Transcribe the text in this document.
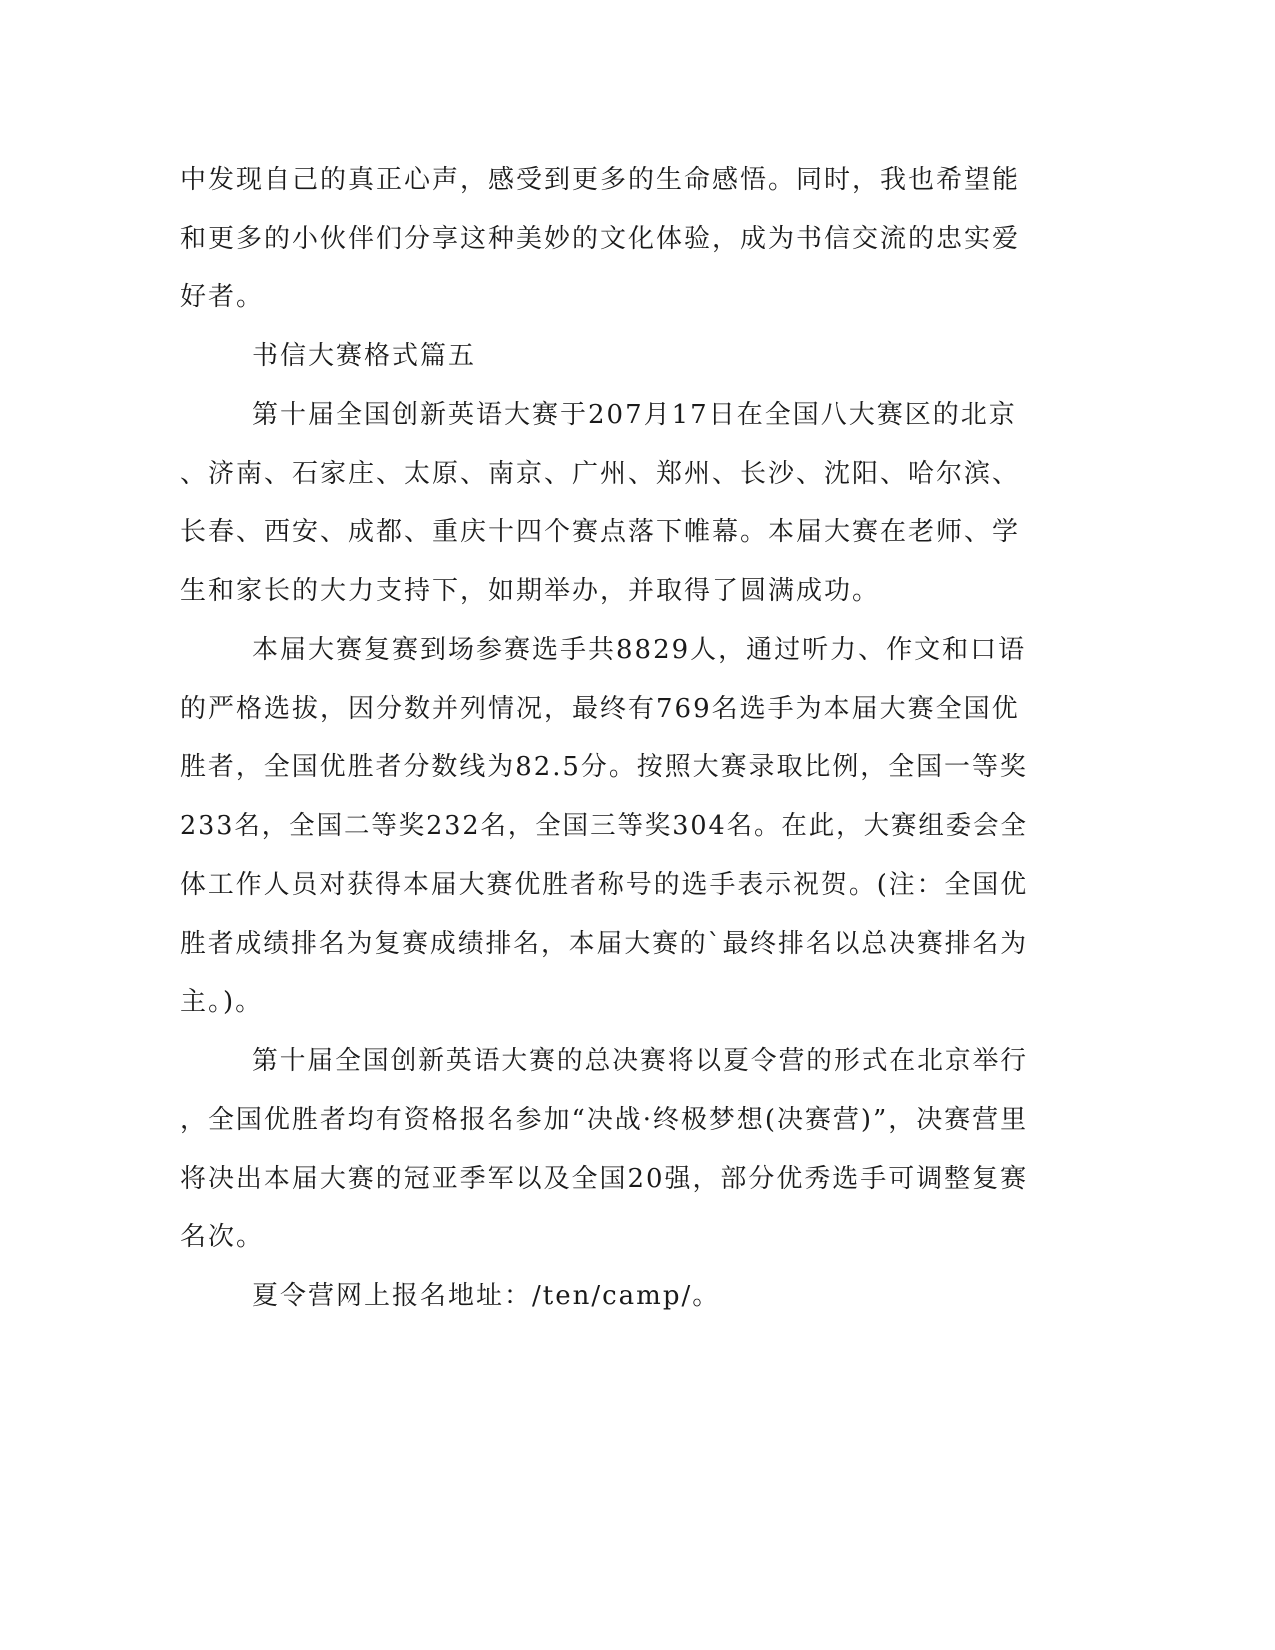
中发现自己的真正心声，感受到更多的生命感悟。同时，我也希望能
和更多的小伙伴们分享这种美妙的文化体验，成为书信交流的忠实爱
好者。
书信大赛格式篇五
第十届全国创新英语大赛于207月17日在全国八大赛区的北京
、济南、石家庄、太原、南京、广州、郑州、长沙、沈阳、哈尔滨、
长春、西安、成都、重庆十四个赛点落下帷幕。本届大赛在老师、学
生和家长的大力支持下，如期举办，并取得了圆满成功。
本届大赛复赛到场参赛选手共8829人，通过听力、作文和口语
的严格选拔，因分数并列情况，最终有769名选手为本届大赛全国优
胜者，全国优胜者分数线为82.5分。按照大赛录取比例，全国一等奖
233名，全国二等奖232名，全国三等奖304名。在此，大赛组委会全
体工作人员对获得本届大赛优胜者称号的选手表示祝贺。(注：全国优
胜者成绩排名为复赛成绩排名，本届大赛的`最终排名以总决赛排名为
主。)。
第十届全国创新英语大赛的总决赛将以夏令营的形式在北京举行
，全国优胜者均有资格报名参加“决战·终极梦想(决赛营)”，决赛营里
将决出本届大赛的冠亚季军以及全国20强，部分优秀选手可调整复赛
名次。
夏令营网上报名地址：/ten/camp/。
